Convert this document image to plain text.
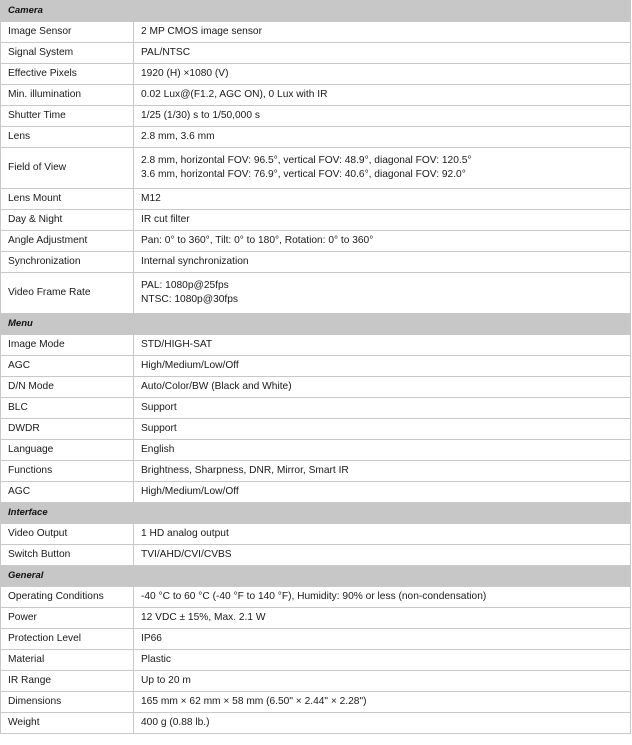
Camera	
Image Sensor	2 MP CMOS image sensor

Signal System	PAL/NTSC

Effective Pixels	1920 (H) ×1080 (V)

Min. illumination	0.02 Lux@(F1.2, AGC ON), 0 Lux with IR

Shutter Time	1/25 (1/30) s to 1/50,000 s

Lens	2.8 mm, 3.6 mm

Field of View	2.8 mm, horizontal FOV: 96.5°, vertical FOV: 48.9°, diagonal FOV: 120.5°
3.6 mm, horizontal FOV: 76.9°, vertical FOV: 40.6°, diagonal FOV: 92.0°

Lens Mount	M12

Day & Night	IR cut filter

Angle Adjustment	Pan: 0° to 360°, Tilt: 0° to 180°, Rotation: 0° to 360°

Synchronization	Internal synchronization

Video Frame Rate	PAL: 1080p@25fps
NTSC: 1080p@30fps

Menu	
Image Mode	STD/HIGH-SAT

AGC	High/Medium/Low/Off

D/N Mode	Auto/Color/BW (Black and White)

BLC	Support

DWDR	Support

Language	English

Functions	Brightness, Sharpness, DNR, Mirror, Smart IR

AGC	High/Medium/Low/Off

Interface	
Video Output	1 HD analog output

Switch Button	TVI/AHD/CVI/CVBS

General	
Operating Conditions	-40 °C to 60 °C (-40 °F to 140 °F), Humidity: 90% or less (non-condensation)

Power	12 VDC ± 15%, Max. 2.1 W

Protection Level	IP66

Material	Plastic

IR Range	Up to 20 m

Dimensions	165 mm × 62 mm × 58 mm (6.50" × 2.44" × 2.28")

Weight	400 g (0.88 lb.)
